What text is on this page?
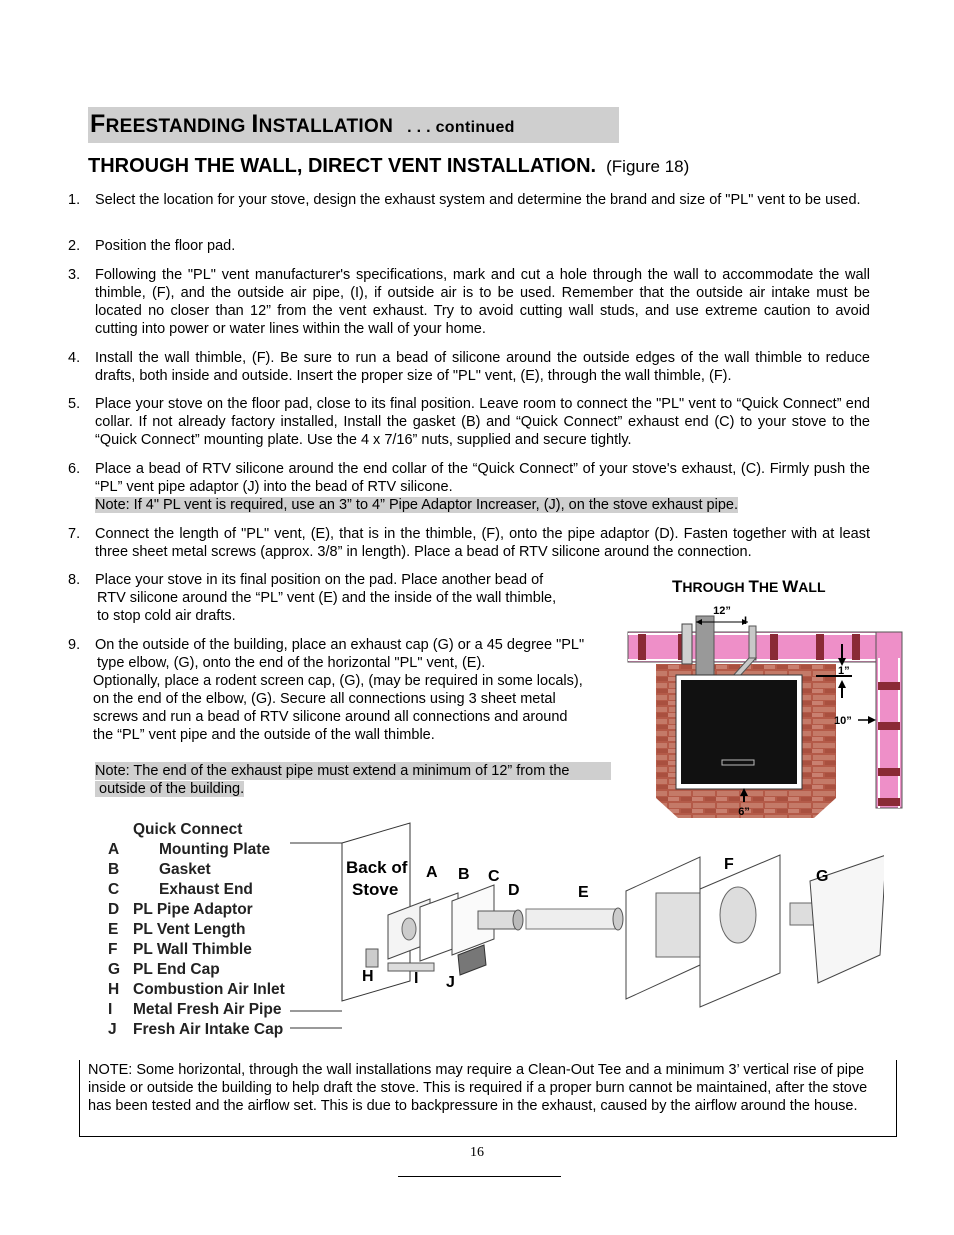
FREESTANDING INSTALLATION . . . continued
THROUGH THE WALL, DIRECT VENT INSTALLATION. (Figure 18)
1. Select the location for your stove, design the exhaust system and determine the brand and size of "PL" vent to be used.
2. Position the floor pad.
3. Following the "PL" vent manufacturer's specifications, mark and cut a hole through the wall to accommodate the wall thimble, (F), and the outside air pipe, (I), if outside air is to be used. Remember that the outside air intake must be located no closer than 12” from the vent exhaust. Try to avoid cutting wall studs, and use extreme caution to avoid cutting into power or water lines within the wall of your home.
4. Install the wall thimble, (F). Be sure to run a bead of silicone around the outside edges of the wall thimble to reduce drafts, both inside and outside. Insert the proper size of "PL" vent, (E), through the wall thimble, (F).
5. Place your stove on the floor pad, close to its final position. Leave room to connect the "PL" vent to “Quick Connect” end collar. If not already factory installed, Install the gasket (B) and “Quick Connect” exhaust end (C) to your stove to the “Quick Connect” mounting plate. Use the 4 x 7/16” nuts, supplied and secure tightly.
6. Place a bead of RTV silicone around the end collar of the “Quick Connect” of your stove's exhaust, (C). Firmly push the “PL” vent pipe adaptor (J) into the bead of RTV silicone.
Note: If 4" PL vent is required, use an 3” to 4” Pipe Adaptor Increaser, (J), on the stove exhaust pipe.
7. Connect the length of "PL" vent, (E), that is in the thimble, (F), onto the pipe adaptor (D). Fasten together with at least three sheet metal screws (approx. 3/8” in length). Place a bead of RTV silicone around the connection.
8. Place your stove in its final position on the pad. Place another bead of
RTV silicone around the “PL” vent (E) and the inside of the wall thimble,
to stop cold air drafts.
9. On the outside of the building, place an exhaust cap (G) or a 45 degree "PL"
type elbow, (G), onto the end of the horizontal "PL" vent, (E).
Optionally, place a rodent screen cap, (G), (may be required in some locals),
on the end of the elbow, (G). Secure all connections using 3 sheet metal
screws and run a bead of RTV silicone around all connections and around
the “PL” vent pipe and the outside of the wall thimble.
Note: The end of the exhaust pipe must extend a minimum of 12” from the
outside of the building.
THROUGH THE WALL
12”
I
1”
10”
6”
Quick Connect
A	Mounting Plate
B	Gasket
C	Exhaust End
D PL Pipe Adaptor
E PL Vent Length
F PL Wall Thimble
G PL End Cap
H Combustion Air Inlet
I Metal Fresh Air Pipe
J Fresh Air Intake Cap
Back of
Stove
A B C
D	E
F
G
H	I J
NOTE: Some horizontal, through the wall installations may require a Clean-Out Tee and a minimum 3’ vertical rise of pipe inside or outside the building to help draft the stove. This is required if a proper burn cannot be maintained, after the stove has been tested and the airflow set. This is due to backpressure in the exhaust, caused by the airflow around the house.
16
